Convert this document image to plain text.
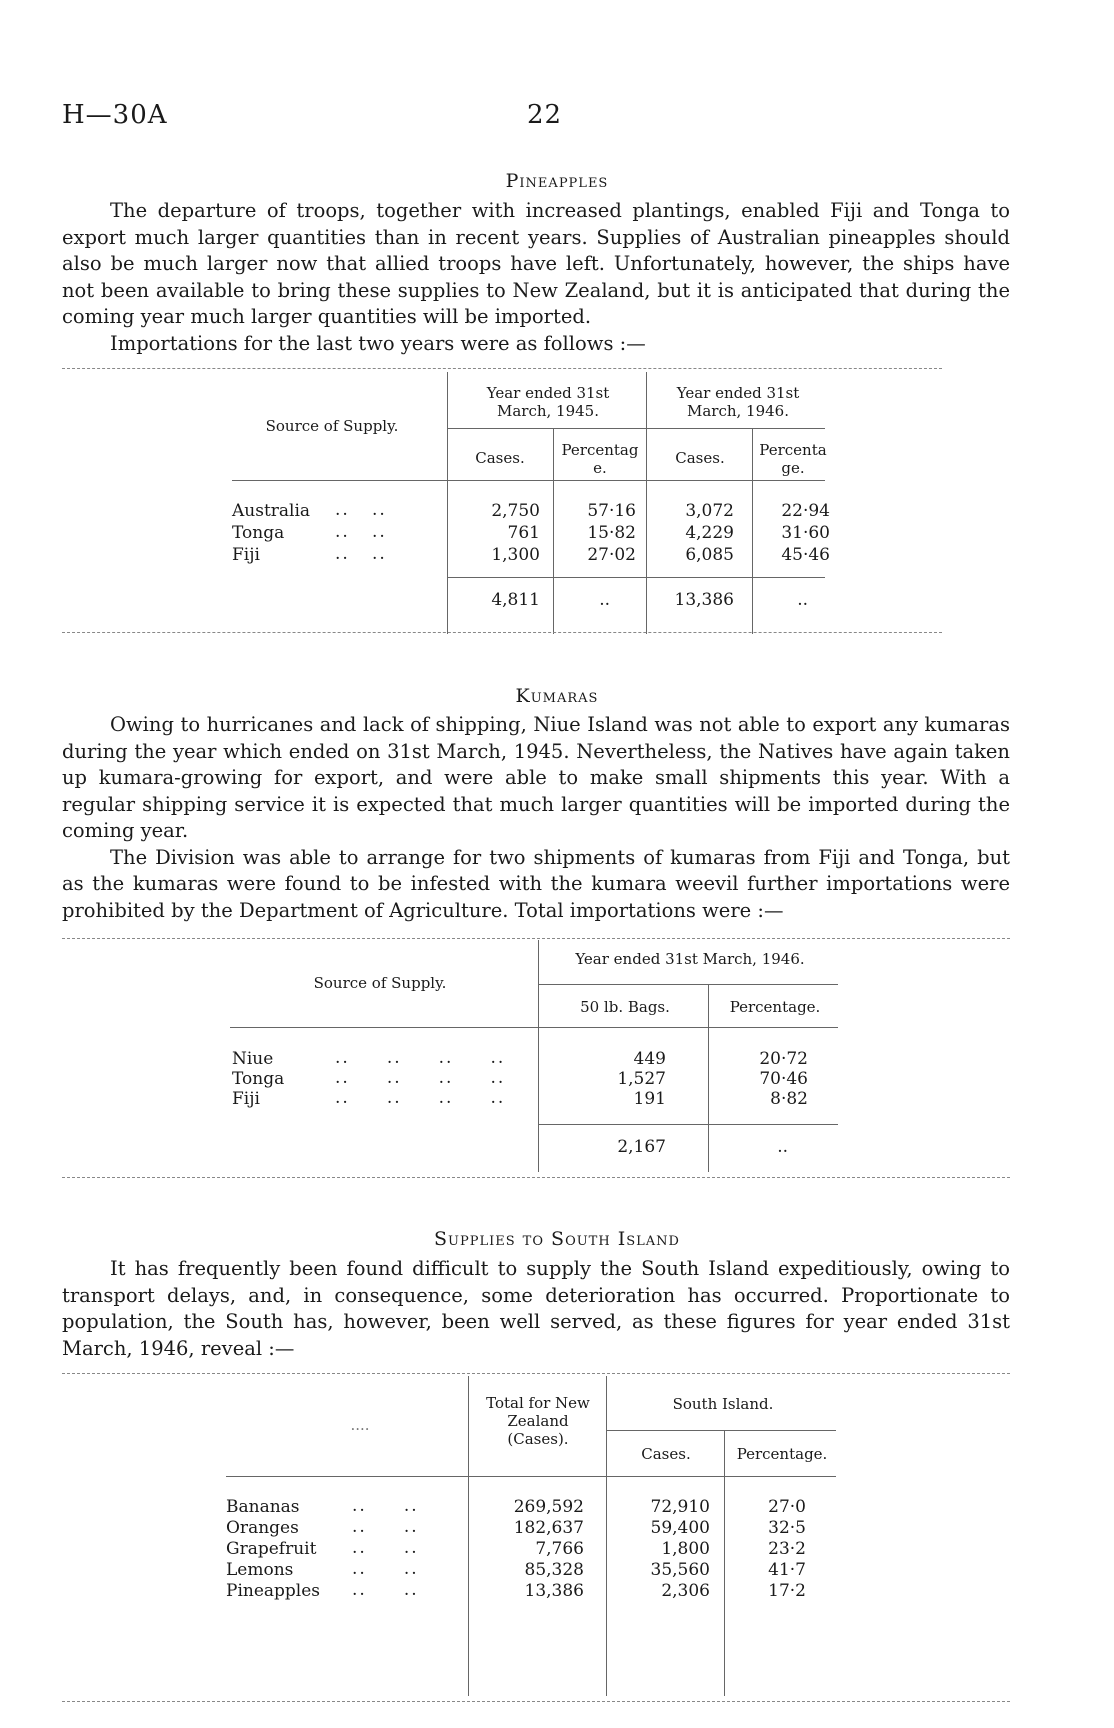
H—30A	22
Pineapples

The departure of troops, together with increased plantings, enabled Fiji and Tonga to export much larger quantities than in recent years. Supplies of Australian pineapples should also be much larger now that allied troops have left. Unfortunately, however, the ships have not been available to bring these supplies to New Zealand, but it is anticipated that during the coming year much larger quantities will be imported.

Importations for the last two years were as follows :—

Source of Supply.
Year ended 31st March, 1945.
Year ended 31st March, 1946.
Cases.	Percentage.
Cases.	Percentage.
Australia ..   ..	2,750	57·16	3,072	22·94
Tonga	..   ..	761	15·82	4,229	31·60
Fiji	..   ..	1,300	27·02	6,085	45·46
4,811	..	13,386	..
Kumaras

Owing to hurricanes and lack of shipping, Niue Island was not able to export any kumaras during the year which ended on 31st March, 1945. Nevertheless, the Natives have again taken up kumara-growing for export, and were able to make small shipments this year. With a regular shipping service it is expected that much larger quantities will be imported during the coming year.

The Division was able to arrange for two shipments of kumaras from Fiji and Tonga, but as the kumaras were found to be infested with the kumara weevil further importations were prohibited by the Department of Agriculture. Total importations were :—

Source of Supply.
Year ended 31st March, 1946.
50 lb. Bags.	Percentage.
Niue	..     ..     ..     ..	449	20·72
Tonga	..     ..     ..     ..	1,527	70·46
Fiji	..     ..     ..     ..	191	8·82
2,167	..
Supplies to South Island

It has frequently been found difficult to supply the South Island expeditiously, owing to transport delays, and, in consequence, some deterioration has occurred. Proportionate to population, the South has, however, been well served, as these figures for year ended 31st March, 1946, reveal :—

....
Total for New Zealand (Cases).
South Island.
Cases.	Percentage.
Bananas	..     ..	269,592	72,910	27·0
Oranges	..     ..	182,637	59,400	32·5
Grapefruit ..     ..	7,766	1,800	23·2
Lemons	..     ..	85,328	35,560	41·7
Pineapples ..     ..	13,386	2,306	17·2
